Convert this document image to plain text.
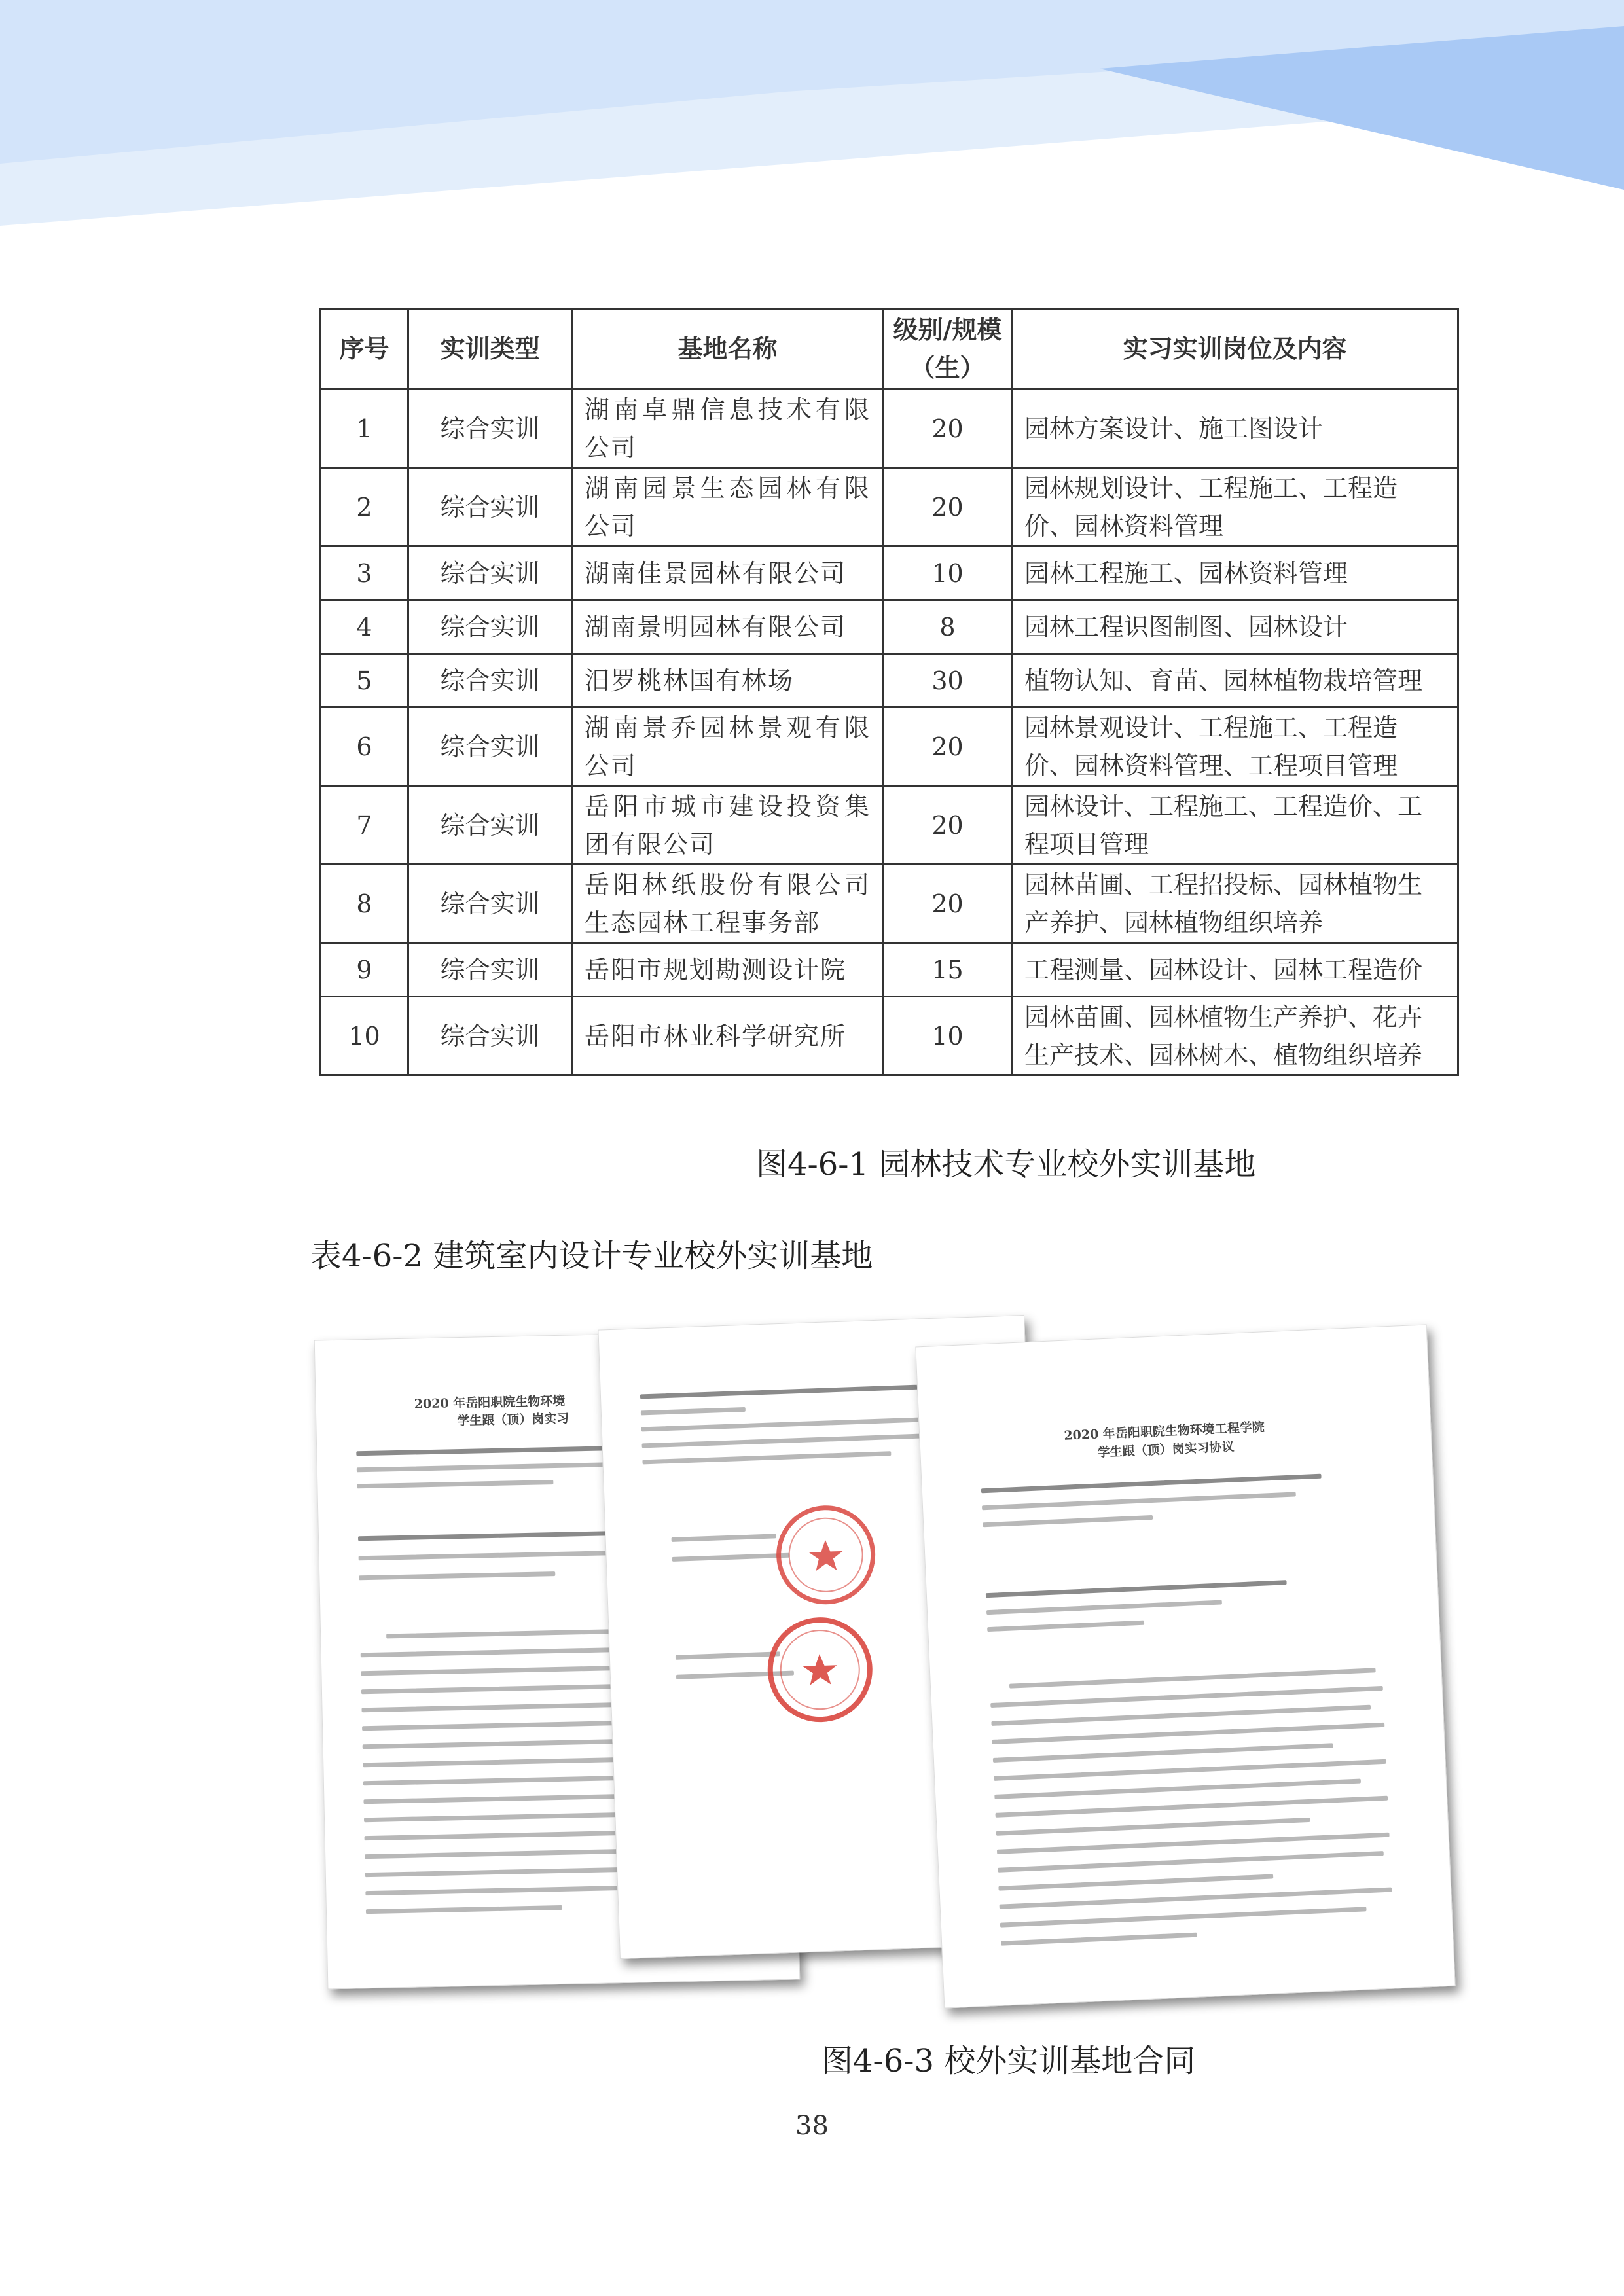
序号	实训类型	基地名称	级别/规模（生）	实习实训岗位及内容
1	综合实训	湖南卓鼎信息技术有限公司	20	园林方案设计、施工图设计
2	综合实训	湖南园景生态园林有限公司	20	园林规划设计、工程施工、工程造价、园林资料管理
3	综合实训	湖南佳景园林有限公司	10	园林工程施工、园林资料管理
4	综合实训	湖南景明园林有限公司	8	园林工程识图制图、园林设计
5	综合实训	汨罗桃林国有林场	30	植物认知、育苗、园林植物栽培管理
6	综合实训	湖南景乔园林景观有限公司	20	园林景观设计、工程施工、工程造价、园林资料管理、工程项目管理
7	综合实训	岳阳市城市建设投资集团有限公司	20	园林设计、工程施工、工程造价、工程项目管理
8	综合实训	岳阳林纸股份有限公司生态园林工程事务部	20	园林苗圃、工程招投标、园林植物生产养护、园林植物组织培养
9	综合实训	岳阳市规划勘测设计院	15	工程测量、园林设计、园林工程造价
10	综合实训	岳阳市林业科学研究所	10	园林苗圃、园林植物生产养护、花卉生产技术、园林树木、植物组织培养
图4-6-1 园林技术专业校外实训基地
表4-6-2 建筑室内设计专业校外实训基地
2020 年岳阳职院生物环境
学生跟（顶）岗实习
2020 年岳阳职院生物环境工程学院
学生跟（顶）岗实习协议
图4-6-3 校外实训基地合同
38
